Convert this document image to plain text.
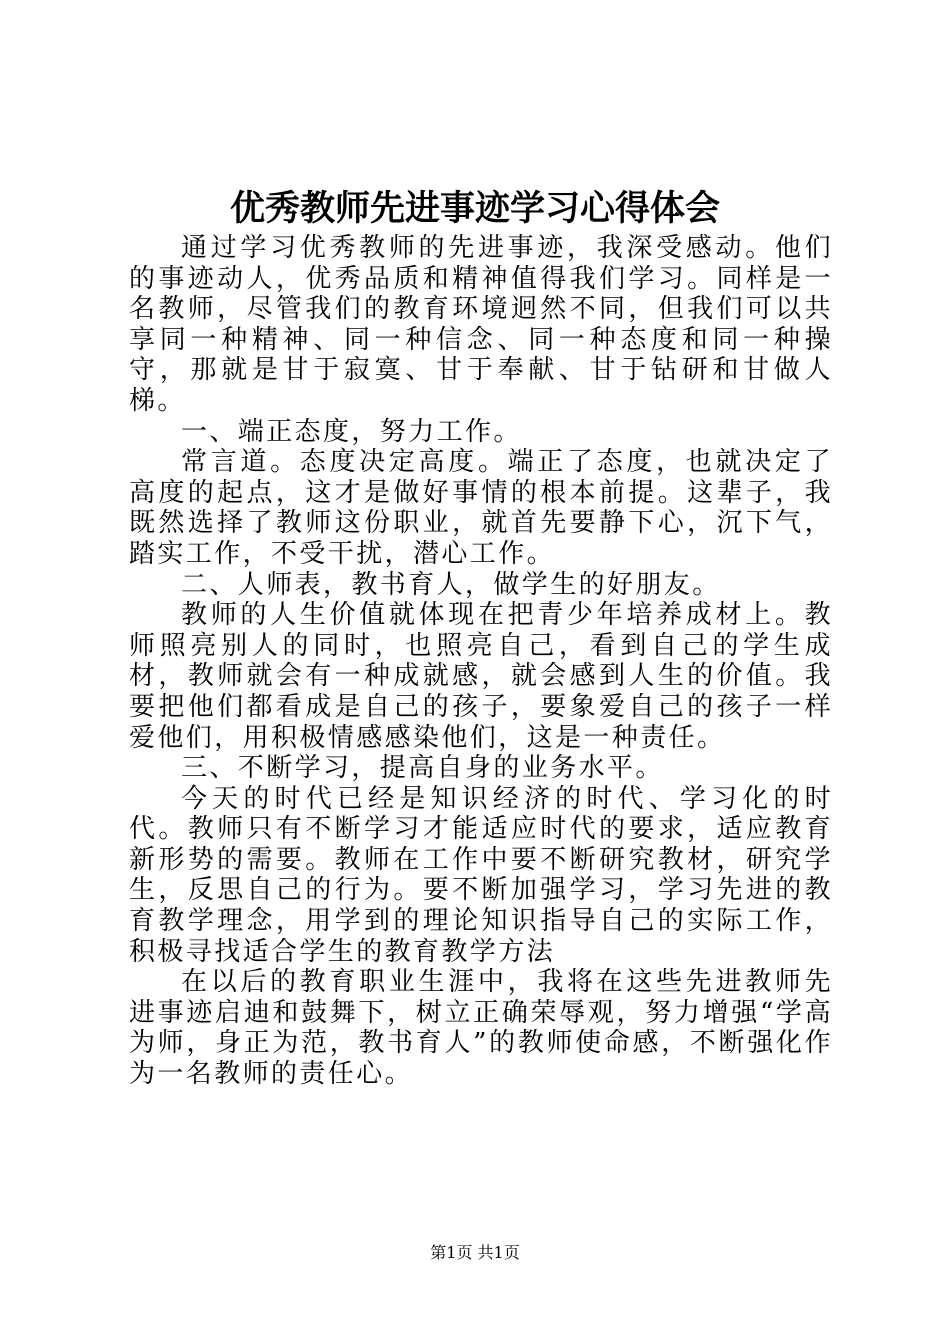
优秀教师先进事迹学习心得体会

通过学习优秀教师的先进事迹，我深受感动。他们的事迹动人，优秀品质和精神值得我们学习。同样是一名教师，尽管我们的教育环境迥然不同，但我们可以共享同一种精神、同一种信念、同一种态度和同一种操守，那就是甘于寂寞、甘于奉献、甘于钻研和甘做人梯。

一、端正态度，努力工作。

常言道。态度决定高度。端正了态度，也就决定了高度的起点，这才是做好事情的根本前提。这辈子，我既然选择了教师这份职业，就首先要静下心，沉下气，踏实工作，不受干扰，潜心工作。

二、人师表，教书育人，做学生的好朋友。

教师的人生价值就体现在把青少年培养成材上。教师照亮别人的同时，也照亮自己，看到自己的学生成材，教师就会有一种成就感，就会感到人生的价值。我要把他们都看成是自己的孩子，要象爱自己的孩子一样爱他们，用积极情感感染他们，这是一种责任。

三、不断学习，提高自身的业务水平。

今天的时代已经是知识经济的时代、学习化的时代。教师只有不断学习才能适应时代的要求，适应教育新形势的需要。教师在工作中要不断研究教材，研究学生，反思自己的行为。要不断加强学习，学习先进的教育教学理念，用学到的理论知识指导自己的实际工作，积极寻找适合学生的教育教学方法

在以后的教育职业生涯中，我将在这些先进教师先进事迹启迪和鼓舞下，树立正确荣辱观，努力增强“学高为师，身正为范，教书育人”的教师使命感，不断强化作为一名教师的责任心。

第1页 共1页
